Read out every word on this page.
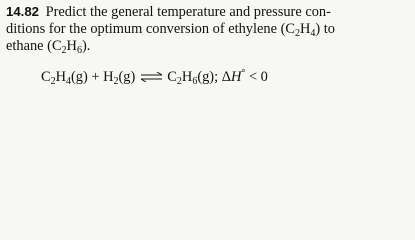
14.82 Predict the general temperature and pressure con-
ditions for the optimum conversion of ethylene $(C_2H_4)$ to
ethane $(C_2H_6)$.
$C_2H_4(g) + H_2(g)$ ⇌ $C_2H_6(g)$; ΔH° < 0
